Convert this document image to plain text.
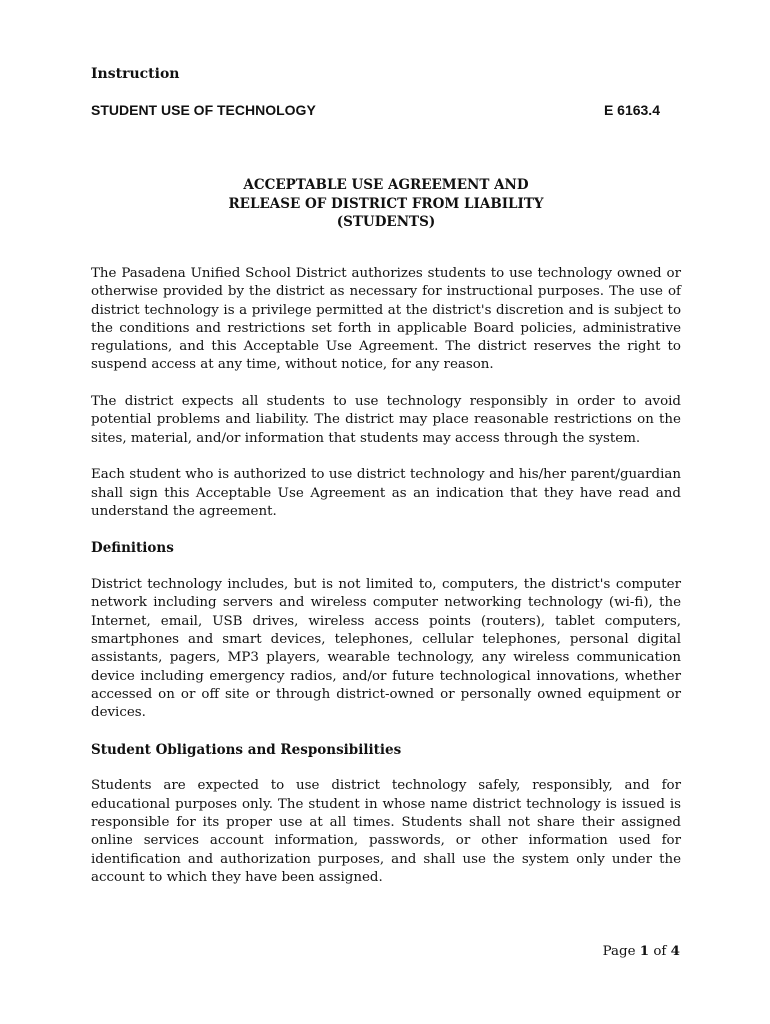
Instruction
STUDENT USE OF TECHNOLOGY	E 6163.4
ACCEPTABLE USE AGREEMENT AND
RELEASE OF DISTRICT FROM LIABILITY
(STUDENTS)

The Pasadena Unified School District authorizes students to use technology owned or otherwise provided by the district as necessary for instructional purposes. The use of district technology is a privilege permitted at the district's discretion and is subject to the conditions and restrictions set forth in applicable Board policies, administrative regulations, and this Acceptable Use Agreement. The district reserves the right to suspend access at any time, without notice, for any reason.

The district expects all students to use technology responsibly in order to avoid potential problems and liability. The district may place reasonable restrictions on the sites, material, and/or information that students may access through the system.

Each student who is authorized to use district technology and his/her parent/guardian shall sign this Acceptable Use Agreement as an indication that they have read and understand the agreement.

Definitions

District technology includes, but is not limited to, computers, the district's computer network including servers and wireless computer networking technology (wi-fi), the Internet, email, USB drives, wireless access points (routers), tablet computers, smartphones and smart devices, telephones, cellular telephones, personal digital assistants, pagers, MP3 players, wearable technology, any wireless communication device including emergency radios, and/or future technological innovations, whether accessed on or off site or through district-owned or personally owned equipment or devices.

Student Obligations and Responsibilities

Students are expected to use district technology safely, responsibly, and for educational purposes only. The student in whose name district technology is issued is responsible for its proper use at all times. Students shall not share their assigned online services account information, passwords, or other information used for identification and authorization purposes, and shall use the system only under the account to which they have been assigned.

Page 1 of 4
